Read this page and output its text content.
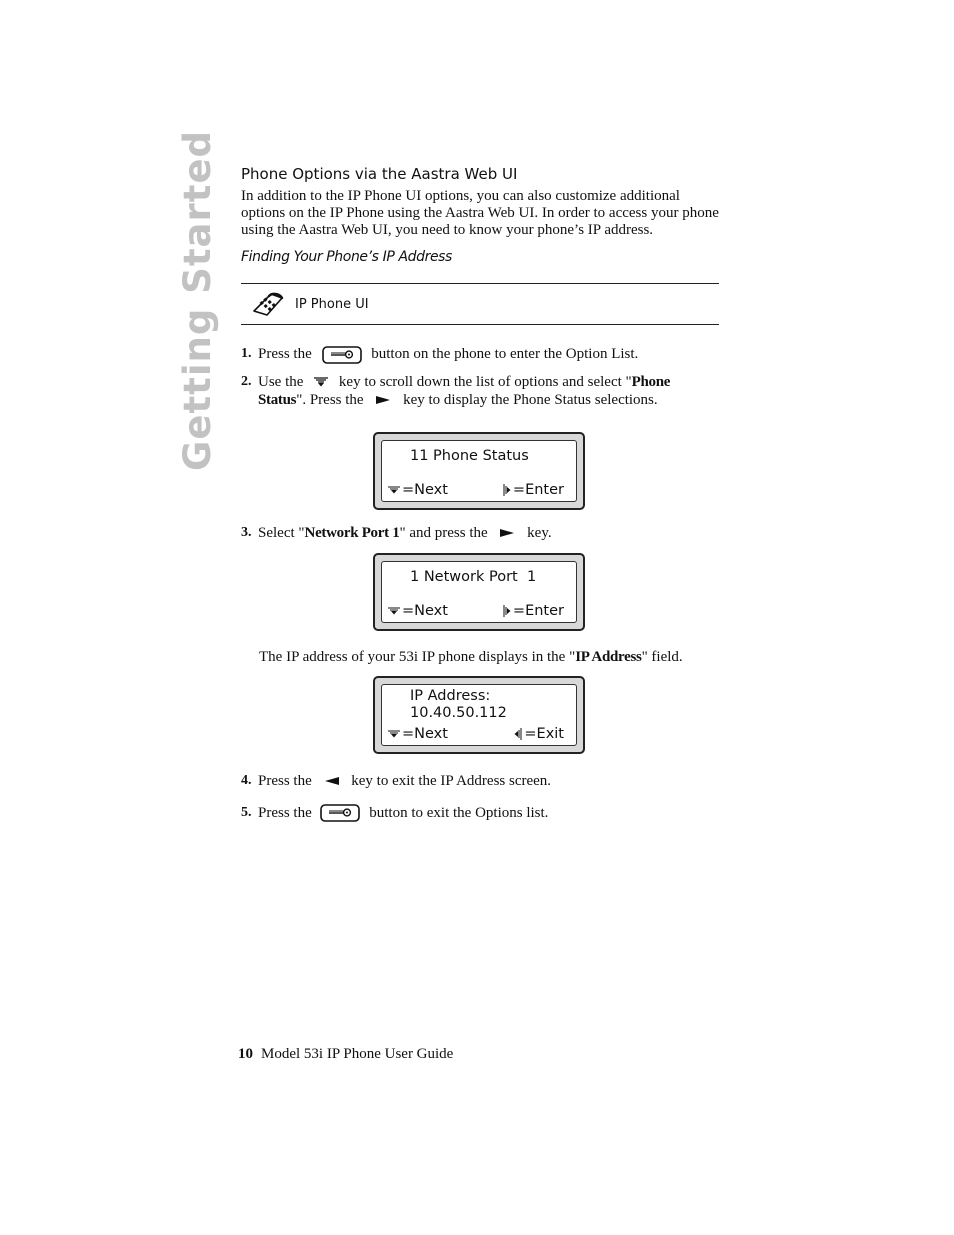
Getting Started Phone Options via the Aastra Web UI

In addition to the IP Phone UI options, you can also customize additional options on the IP Phone using the Aastra Web UI. In order to access your phone using the Aastra Web UI, you need to know your phone’s IP address.

Finding Your Phone’s IP Address
IP Phone UI
1. Press the	button on the phone to enter the Option List.
2. Use the key to scroll down the list of options and select "Phone Status". Press the	key to display the Phone Status selections.
11 Phone Status
=Next	=Enter
3. Select "Network Port 1" and press the	key.
1 Network Port  1
=Next	=Enter

The IP address of your 53i IP phone displays in the "IP Address" field.

IP Address:
10.40.50.112
=Next	=Exit
4. Press the	key to exit the IP Address screen.
5. Press the	button to exit the Options list.
10 Model 53i IP Phone User Guide
